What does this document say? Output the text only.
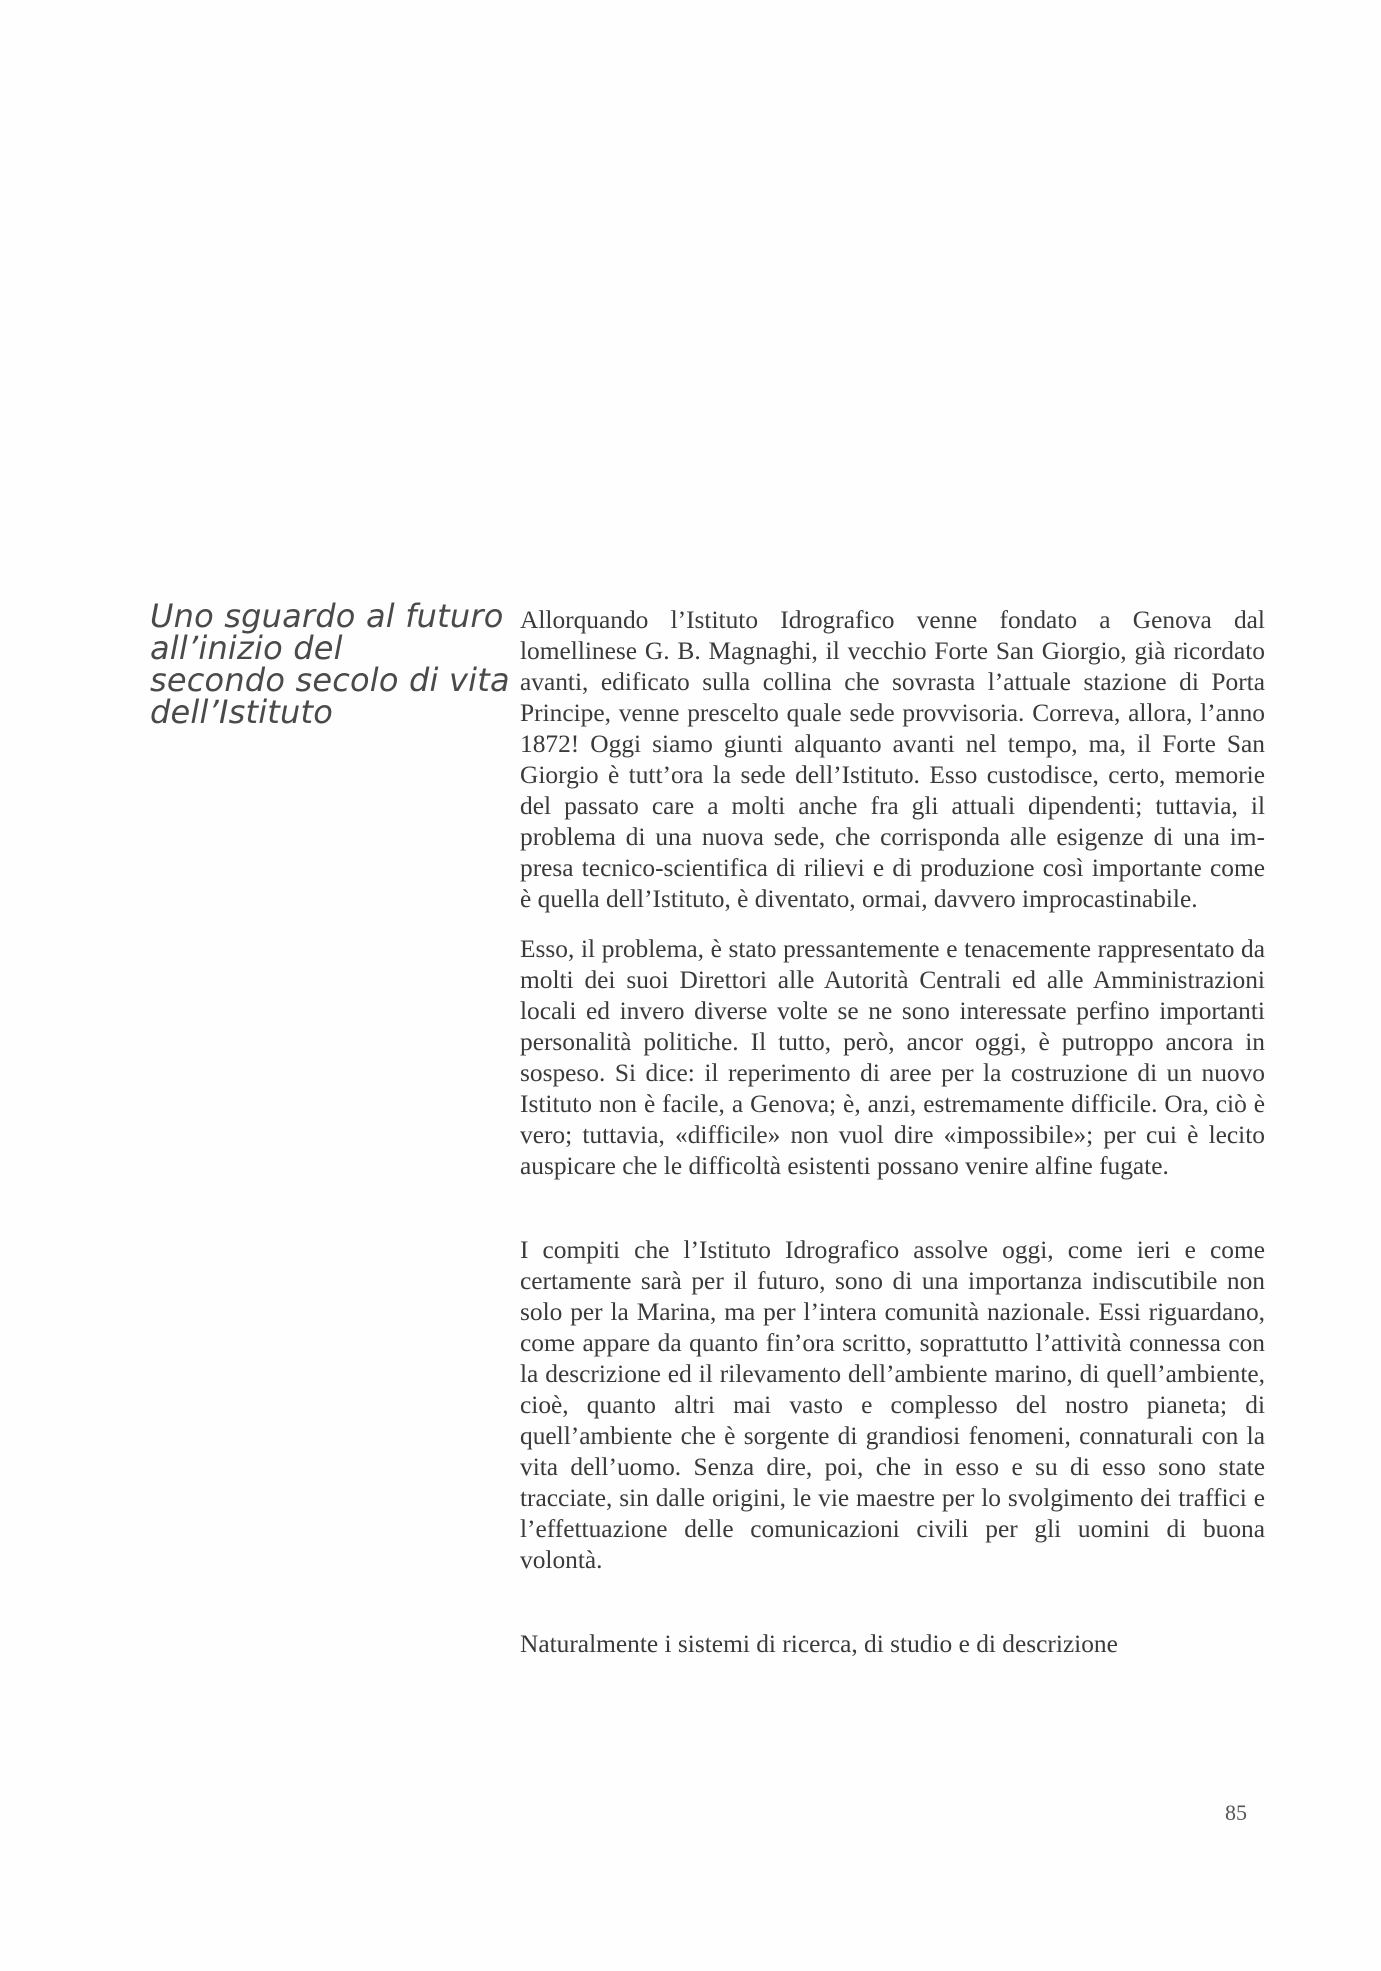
Uno sguardo al futuro
all’inizio del
secondo secolo di vita
dell’Istituto

Allorquando l’Istituto Idrografico venne fondato a Genova dal lomellinese G. B. Magnaghi, il vecchio Forte San Giorgio, già ricordato avanti, edificato sulla collina che sovrasta l’attuale stazione di Porta Principe, venne prescelto quale sede provvisoria. Correva, allora, l’anno 1872! Oggi siamo giunti alquanto avanti nel tempo, ma, il Forte San Giorgio è tutt’ora la sede dell’Istituto. Esso custodisce, certo, memorie del passato care a molti anche fra gli attuali dipendenti; tuttavia, il problema di una nuova sede, che corrisponda alle esigenze di una impresa tecnico-scientifica di rilievi e di produzione così importante come è quella dell’Istituto, è diventato, ormai, davvero improcastinabile.

Esso, il problema, è stato pressantemente e tenacemente rappresentato da molti dei suoi Direttori alle Autorità Centrali ed alle Amministrazioni locali ed invero diverse volte se ne sono interessate perfino importanti personalità politiche. Il tutto, però, ancor oggi, è putroppo ancora in sospeso. Si dice: il reperimento di aree per la costruzione di un nuovo Istituto non è facile, a Genova; è, anzi, estremamente difficile. Ora, ciò è vero; tuttavia, «difficile» non vuol dire «impossibile»; per cui è lecito auspicare che le difficoltà esistenti possano venire alfine fugate.

I compiti che l’Istituto Idrografico assolve oggi, come ieri e come certamente sarà per il futuro, sono di una importanza indiscutibile non solo per la Marina, ma per l’intera comunità nazionale. Essi riguardano, come appare da quanto fin’ora scritto, soprattutto l’attività connessa con la descrizione ed il rilevamento dell’ambiente marino, di quell’ambiente, cioè, quanto altri mai vasto e complesso del nostro pianeta; di quell’ambiente che è sorgente di grandiosi fenomeni, connaturali con la vita dell’uomo. Senza dire, poi, che in esso e su di esso sono state tracciate, sin dalle origini, le vie maestre per lo svolgimento dei traffici e l’effettuazione delle comunicazioni civili per gli uomini di buona volontà.

Naturalmente i sistemi di ricerca, di studio e di descrizione

85
